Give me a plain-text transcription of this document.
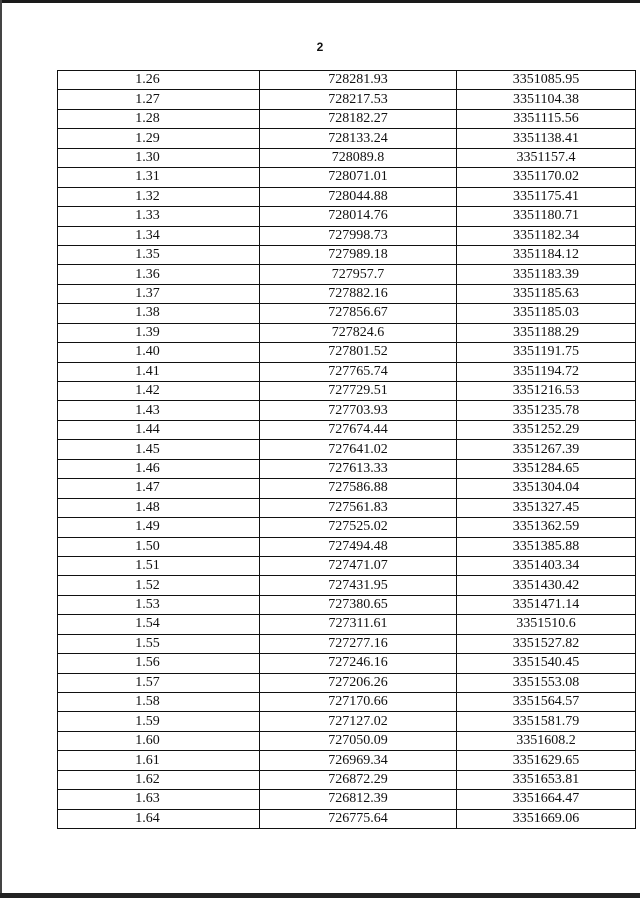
2
1.26	728281.93	3351085.95
1.27	728217.53	3351104.38
1.28	728182.27	3351115.56
1.29	728133.24	3351138.41
1.30	728089.8	3351157.4
1.31	728071.01	3351170.02
1.32	728044.88	3351175.41
1.33	728014.76	3351180.71
1.34	727998.73	3351182.34
1.35	727989.18	3351184.12
1.36	727957.7	3351183.39
1.37	727882.16	3351185.63
1.38	727856.67	3351185.03
1.39	727824.6	3351188.29
1.40	727801.52	3351191.75
1.41	727765.74	3351194.72
1.42	727729.51	3351216.53
1.43	727703.93	3351235.78
1.44	727674.44	3351252.29
1.45	727641.02	3351267.39
1.46	727613.33	3351284.65
1.47	727586.88	3351304.04
1.48	727561.83	3351327.45
1.49	727525.02	3351362.59
1.50	727494.48	3351385.88
1.51	727471.07	3351403.34
1.52	727431.95	3351430.42
1.53	727380.65	3351471.14
1.54	727311.61	3351510.6
1.55	727277.16	3351527.82
1.56	727246.16	3351540.45
1.57	727206.26	3351553.08
1.58	727170.66	3351564.57
1.59	727127.02	3351581.79
1.60	727050.09	3351608.2
1.61	726969.34	3351629.65
1.62	726872.29	3351653.81
1.63	726812.39	3351664.47
1.64	726775.64	3351669.06
